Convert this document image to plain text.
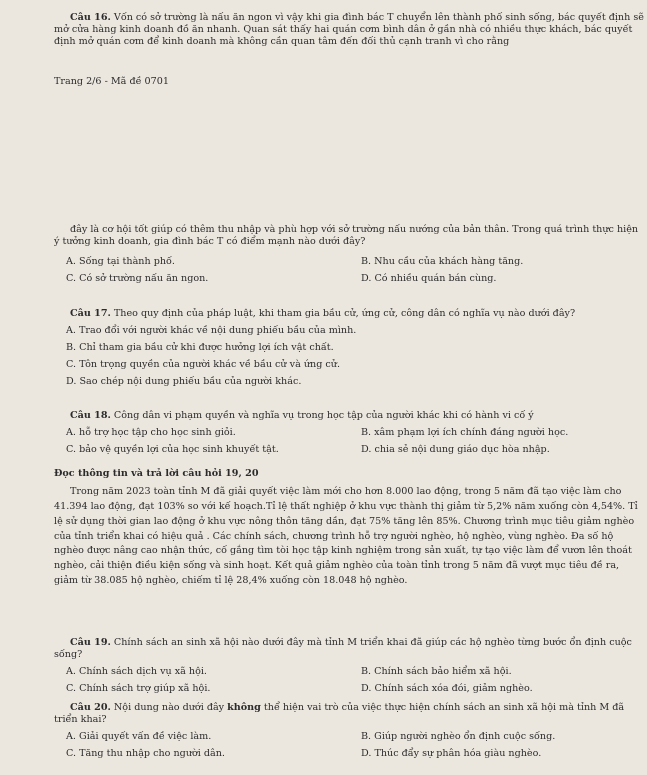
Câu 16. Vốn có sở trường là nấu ăn ngon vì vậy khi gia đình bác T chuyển lên thành phố sinh sống, bác quyết định sẽ mở cửa hàng kinh doanh đồ ăn nhanh. Quan sát thấy hai quán cơm bình dân ở gần nhà có nhiều thực khách, bác quyết định mở quán cơm để kinh doanh mà không cần quan tâm đến đối thủ cạnh tranh vì cho rằng

Trang 2/6 - Mã đề 0701

đây là cơ hội tốt giúp có thêm thu nhập và phù hợp với sở trường nấu nướng của bản thân. Trong quá trình thực hiện ý tưởng kinh doanh, gia đình bác T có điểm mạnh nào dưới đây?

A. Sống tại thành phố.	B. Nhu cầu của khách hàng tăng.
C. Có sở trường nấu ăn ngon.	D. Có nhiều quán bán cùng.

Câu 17. Theo quy định của pháp luật, khi tham gia bầu cử, ứng cử, công dân có nghĩa vụ nào dưới đây?

A. Trao đổi với người khác về nội dung phiếu bầu của mình.
B. Chỉ tham gia bầu cử khi được hưởng lợi ích vật chất.
C. Tôn trọng quyền của người khác về bầu cử và ứng cử.
D. Sao chép nội dung phiếu bầu của người khác.

Câu 18. Công dân vi phạm quyền và nghĩa vụ trong học tập của người khác khi có hành vi cố ý

A. hỗ trợ học tập cho học sinh giỏi.	B. xâm phạm lợi ích chính đáng người học.
C. bảo vệ quyền lợi của học sinh khuyết tật.	D. chia sẻ nội dung giáo dục hòa nhập.

Đọc thông tin và trả lời câu hỏi 19, 20

Trong năm 2023 toàn tỉnh M đã giải quyết việc làm mới cho hơn 8.000 lao động, trong 5 năm đã tạo việc làm cho 41.394 lao động, đạt 103% so với kế hoạch.Tỉ lệ thất nghiệp ở khu vực thành thị giảm từ 5,2% năm xuống còn 4,54%. Tỉ lệ sử dụng thời gian lao động ở khu vực nông thôn tăng dần, đạt 75% tăng lên 85%. Chương trình mục tiêu giảm nghèo của tỉnh triển khai có hiệu quả . Các chính sách, chương trình hỗ trợ người nghèo, hộ nghèo, vùng nghèo. Đa số hộ nghèo được nâng cao nhận thức, cố gắng tìm tòi học tập kinh nghiệm trong sản xuất, tự tạo việc làm để vươn lên thoát nghèo, cải thiện điều kiện sống và sinh hoạt. Kết quả giảm nghèo của toàn tỉnh trong 5 năm đã vượt mục tiêu đề ra, giảm từ 38.085 hộ nghèo, chiếm tỉ lệ 28,4% xuống còn 18.048 hộ nghèo.

Câu 19. Chính sách an sinh xã hội nào dưới đây mà tỉnh M triển khai đã giúp các hộ nghèo từng bước ổn định cuộc sống?

A. Chính sách dịch vụ xã hội.	B. Chính sách bảo hiểm xã hội.
C. Chính sách trợ giúp xã hội.	D. Chính sách xóa đói, giảm nghèo.

Câu 20. Nội dung nào dưới đây không thể hiện vai trò của việc thực hiện chính sách an sinh xã hội mà tỉnh M đã triển khai?

A. Giải quyết vấn đề việc làm.	B. Giúp người nghèo ổn định cuộc sống.
C. Tăng thu nhập cho người dân.	D. Thúc đẩy sự phân hóa giàu nghèo.
